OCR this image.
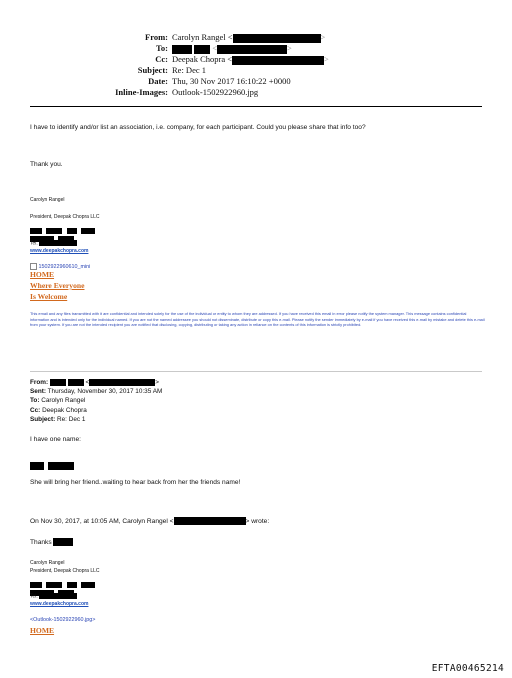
From: Carolyn Rangel <	>
To:	<	>
Cc: Deepak Chopra <	>
Subject: Re: Dec 1
Date: Thu, 30 Nov 2017 16:10:22 +0000
Inline-Images: Outlook-1502922960.jpg
I have to identify and/or list an association, i.e. company, for each participant. Could you please share that info too?
Thank you.
Carolyn Rangel
President, Deepak Chopra LLC

Tel:
www.deepakchopra.com
1502922960610_mini
HOME
Where Everyone
Is Welcome
This email and any files transmitted with it are confidential and intended solely for the use of the individual or entity to whom they are addressed. If you have received this email in error please notify the system manager. This message contains confidential information and is intended only for the individual named. If you are not the named addressee you should not disseminate, distribute or copy this e-mail. Please notify the sender immediately by e-mail if you have received this e-mail by mistake and delete this e-mail from your system. If you are not the intended recipient you are notified that disclosing, copying, distributing or taking any action in reliance on the contents of this information is strictly prohibited.
From:	<	>
Sent: Thursday, November 30, 2017 10:35 AM
To: Carolyn Rangel
Cc: Deepak Chopra
Subject: Re: Dec 1
I have one name:

She will bring her friend..waiting to hear back from her the friends name!
On Nov 30, 2017, at 10:05 AM, Carolyn Rangel <	> wrote:
Thanks
Carolyn Rangel
President, Deepak Chopra LLC

Tel:
www.deepakchopra.com
<Outlook-1502922960.jpg>
HOME
EFTA00465214
